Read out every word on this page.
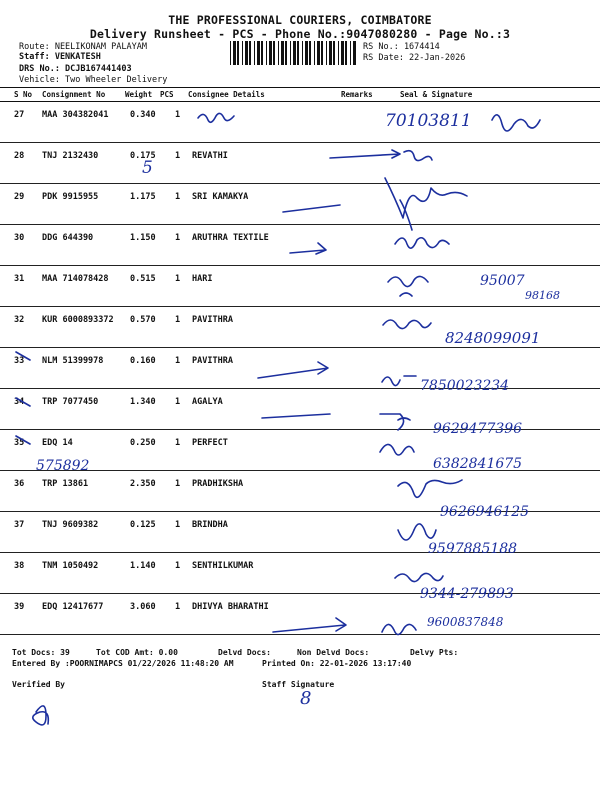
THE PROFESSIONAL COURIERS, COIMBATORE
Delivery Runsheet - PCS - Phone No.:9047080280 - Page No.:3
Route: NEELIKONAM PALAYAM
Staff: VENKATESH
DRS No.: DCJB167441403
Vehicle: Two Wheeler Delivery
RS No.: 1674414
RS Date: 22-Jan-2026
S No Consignment No	Weight PCS Consignee Details	Remarks	Seal & Signature
27 MAA 304382041	0.340 1
28 TNJ 2132430	0.175 1 REVATHI
29 PDK 9915955	1.175 1 SRI KAMAKYA
30 DDG 644390	1.150 1 ARUTHRA TEXTILE
31 MAA 714078428	0.515 1 HARI
32 KUR 6000893372 0.570 1 PAVITHRA
33 NLM 51399978	0.160 1 PAVITHRA
34 TRP 7077450	1.340 1 AGALYA
35 EDQ 14	0.250 1 PERFECT
36 TRP 13861	2.350 1 PRADHIKSHA
37 TNJ 9609382	0.125 1 BRINDHA
38 TNM 1050492	1.140 1 SENTHILKUMAR
39 EDQ 12417677	3.060 1 DHIVYA BHARATHI
Tot Docs: 39	Tot COD Amt: 0.00	Delvd Docs:	Non Delvd Docs:	Delvy Pts:
Entered By :POORNIMAPCS 01/22/2026 11:48:20 AM	Printed On: 22-01-2026 13:17:40
Verified By	Staff Signature
70103811
5
95007
98168
8248099091
7850023234
9629477396
6382841675
575892
9626946125
9597885188
9344-279893
9600837848
8
